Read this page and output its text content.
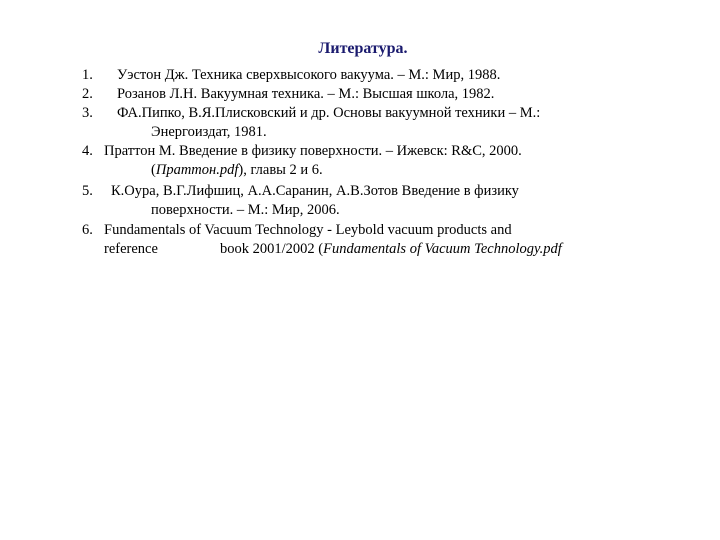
Литература.
1. Уэстон Дж. Техника сверхвысокого вакуума. – М.: Мир, 1988.
2. Розанов Л.Н. Вакуумная техника. – М.: Высшая школа, 1982.
3. ФА.Пипко, В.Я.Плисковский и др. Основы вакуумной техники – М.:
Энергоиздат, 1981.
4. Праттон М. Введение в физику поверхности. – Ижевск: R&C, 2000.
(Праттон.pdf), главы 2 и 6.
5. К.Оура, В.Г.Лифшиц, А.А.Саранин, А.В.Зотов Введение в физику
поверхности. – М.: Мир, 2006.
6. Fundamentals of Vacuum Technology - Leybold vacuum products and
reference	book 2001/2002 (Fundamentals of Vacuum Technology.pdf
